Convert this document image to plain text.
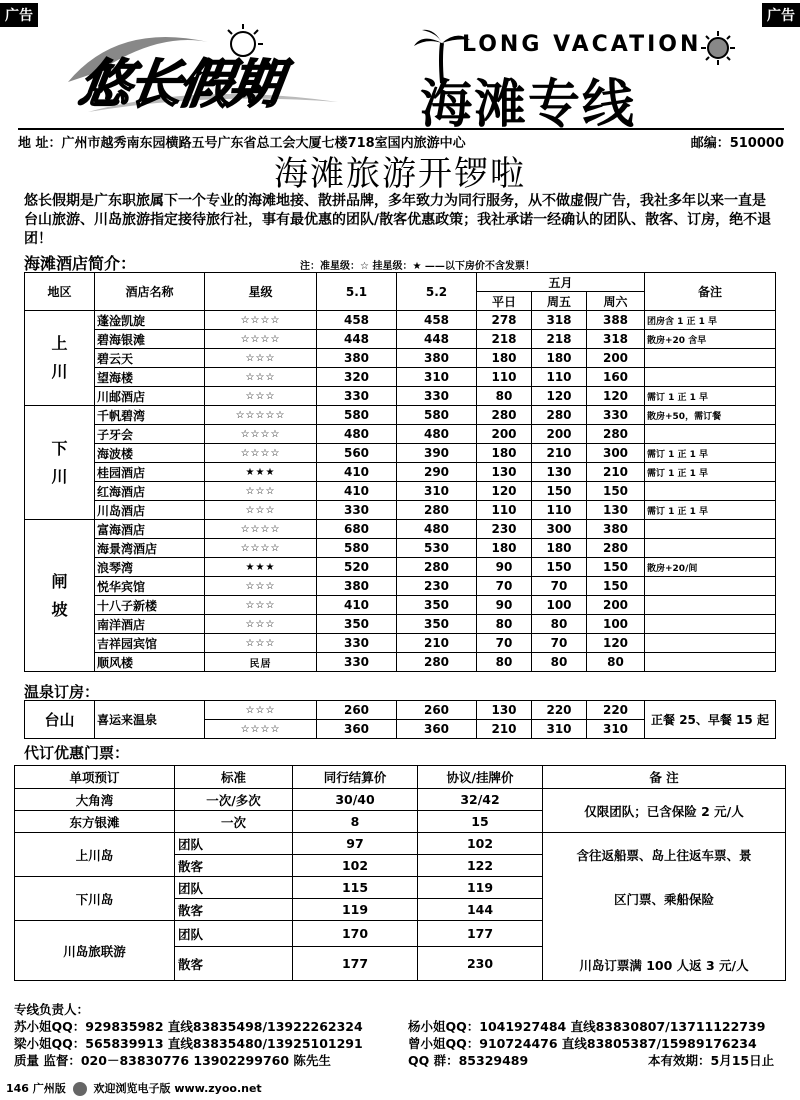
广告	广告
悠长假期
LONG VACATION
海滩专线
地 址：广州市越秀南东园横路五号广东省总工会大厦七楼718室国内旅游中心	邮编：510000
海滩旅游开锣啦
悠长假期是广东职旅属下一个专业的海滩地接、散拼品牌，多年致力为同行服务，从不做虚假广告，我社多年以来一直是台山旅游、川岛旅游指定接待旅行社，事有最优惠的团队/散客优惠政策；我社承诺一经确认的团队、散客、订房，绝不退团！
海滩酒店简介：	注：准星级：☆ 挂星级：★ ——以下房价不含发票！
地区	酒店名称	星级	5.1	5.2	五月			备注
					平日	周五	周六	
上
川	蓬淦凯旋	☆☆☆☆	458	458	278	318	388	团房含 1 正 1 早
	碧海银滩	☆☆☆☆	448	448	218	218	318	散房+20 含早
	碧云天	☆☆☆	380	380	180	180	200	
	望海楼	☆☆☆	320	310	110	110	160	
	川邮酒店	☆☆☆	330	330	80	120	120	需订 1 正 1 早
下
川	千帆碧湾	☆☆☆☆☆	580	580	280	280	330	散房+50，需订餐
	子牙会	☆☆☆☆	480	480	200	200	280	
	海波楼	☆☆☆☆	560	390	180	210	300	需订 1 正 1 早
	桂园酒店	★★★	410	290	130	130	210	需订 1 正 1 早
	红海酒店	☆☆☆	410	310	120	150	150	
	川岛酒店	☆☆☆	330	280	110	110	130	需订 1 正 1 早
闸
坡	富海酒店	☆☆☆☆	680	480	230	300	380	
	海景湾酒店	☆☆☆☆	580	530	180	180	280	
	浪琴湾	★★★	520	280	90	150	150	散房+20/间
	悦华宾馆	☆☆☆	380	230	70	70	150	
	十八子新楼	☆☆☆	410	350	90	100	200	
	南洋酒店	☆☆☆	350	350	80	80	100	
	吉祥园宾馆	☆☆☆	330	210	70	70	120	
	顺风楼	民居	330	280	80	80	80	
温泉订房：
台山	喜运来温泉	☆☆☆	260	260	130	220	220	正餐 25、早餐 15 起
		☆☆☆☆	360	360	210	310	310	
代订优惠门票：
单项预订	标准	同行结算价	协议/挂牌价	备 注
大角湾	一次/多次	30/40	32/42	仅限团队；已含保险 2 元/人
东方银滩	一次	8	15	
上川岛	团队	97	102	含往返船票、岛上往返车票、景
	散客	102	122	
下川岛	团队	115	119	区门票、乘船保险
	散客	119	144	
川岛旅联游	团队	170	177	川岛订票满 100 人返 3 元/人
	散客	177	230	
专线负责人：
苏小姐QQ：929835982 直线83835498/13922262324	杨小姐QQ：1041927484 直线83830807/13711122739
梁小姐QQ：565839913 直线83835480/13925101291	曾小姐QQ：910724476 直线83805387/15989176234
质量 监督：020－83830776 13902299760 陈先生	QQ 群：85329489	本有效期：5月15日止
146 广州版	欢迎浏览电子版 www.zyoo.net
